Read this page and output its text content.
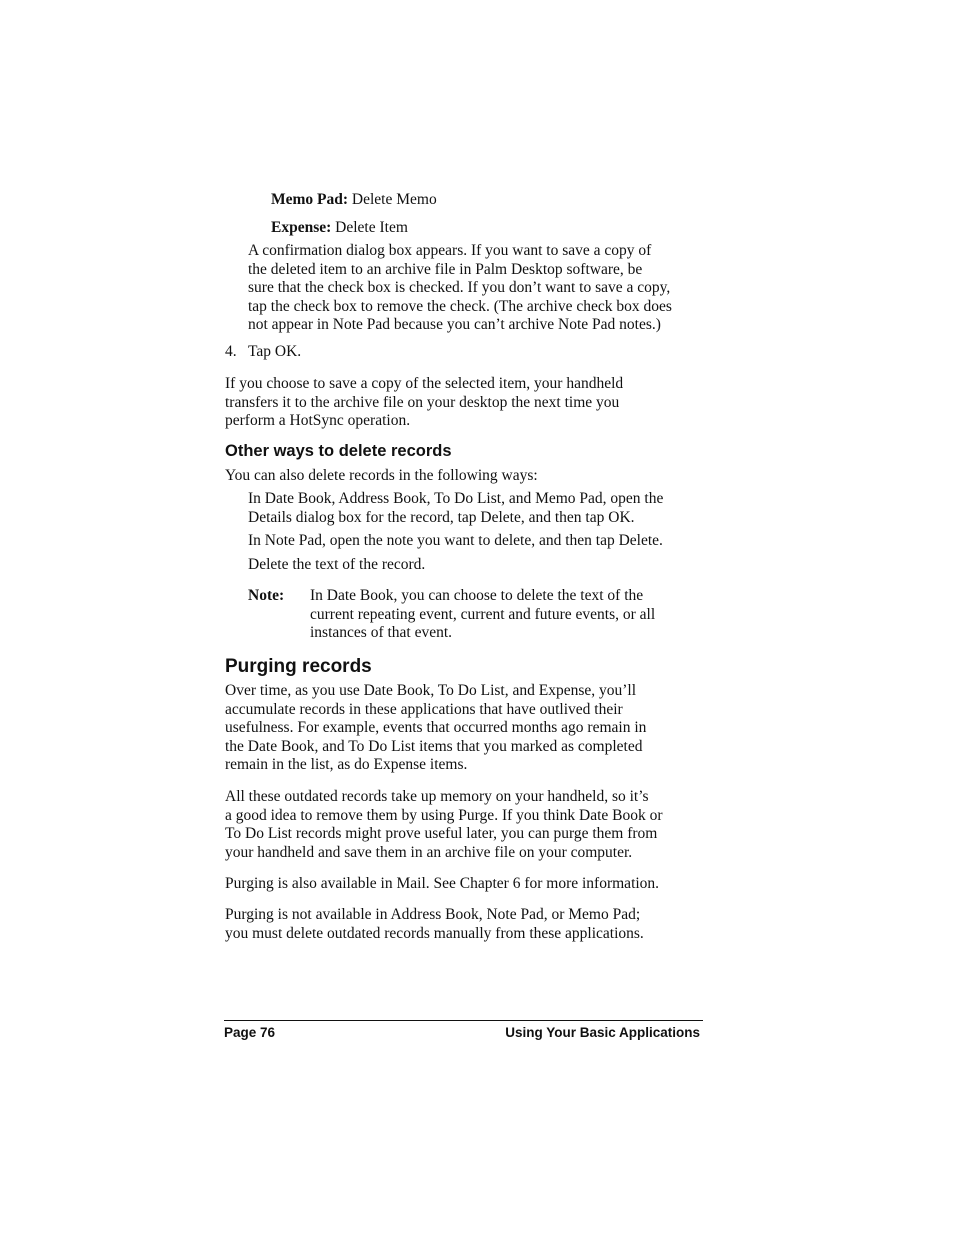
Memo Pad: Delete Memo
Expense: Delete Item
A confirmation dialog box appears. If you want to save a copy of
the deleted item to an archive file in Palm Desktop software, be
sure that the check box is checked. If you don’t want to save a copy,
tap the check box to remove the check. (The archive check box does
not appear in Note Pad because you can’t archive Note Pad notes.)
4. Tap OK.
If you choose to save a copy of the selected item, your handheld
transfers it to the archive file on your desktop the next time you
perform a HotSync operation.
Other ways to delete records
You can also delete records in the following ways:
In Date Book, Address Book, To Do List, and Memo Pad, open the
Details dialog box for the record, tap Delete, and then tap OK.
In Note Pad, open the note you want to delete, and then tap Delete.
Delete the text of the record.
Note: In Date Book, you can choose to delete the text of the
current repeating event, current and future events, or all
instances of that event.
Purging records
Over time, as you use Date Book, To Do List, and Expense, you’ll
accumulate records in these applications that have outlived their
usefulness. For example, events that occurred months ago remain in
the Date Book, and To Do List items that you marked as completed
remain in the list, as do Expense items.
All these outdated records take up memory on your handheld, so it’s
a good idea to remove them by using Purge. If you think Date Book or
To Do List records might prove useful later, you can purge them from
your handheld and save them in an archive file on your computer.
Purging is also available in Mail. See Chapter 6 for more information.
Purging is not available in Address Book, Note Pad, or Memo Pad;
you must delete outdated records manually from these applications.
Page 76	Using Your Basic Applications
